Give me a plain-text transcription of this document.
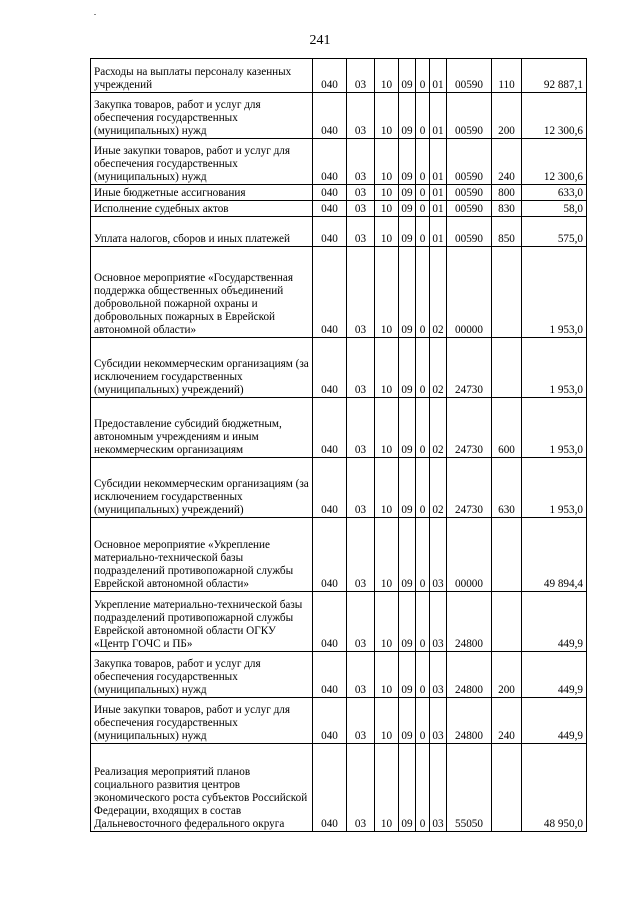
241
Расходы на выплаты персоналу казенных учреждений	040	03	10	09	0	01	00590	110	92 887,1
Закупка товаров, работ и услуг для обеспечения государственных (муниципальных) нужд	040	03	10	09	0	01	00590	200	12 300,6
Иные закупки товаров, работ и услуг для обеспечения государственных (муниципальных) нужд	040	03	10	09	0	01	00590	240	12 300,6
Иные бюджетные ассигнования	040	03	10	09	0	01	00590	800	633,0
Исполнение судебных актов	040	03	10	09	0	01	00590	830	58,0
Уплата налогов, сборов и иных платежей	040	03	10	09	0	01	00590	850	575,0
Основное мероприятие «Государственная поддержка общественных объединений добровольной пожарной охраны и добровольных пожарных в Еврейской автономной области»	040	03	10	09	0	02	00000		1 953,0
Субсидии некоммерческим организациям (за исключением государственных (муниципальных) учреждений)	040	03	10	09	0	02	24730		1 953,0
Предоставление субсидий бюджетным, автономным учреждениям и иным некоммерческим организациям	040	03	10	09	0	02	24730	600	1 953,0
Субсидии некоммерческим организациям (за исключением государственных (муниципальных) учреждений)	040	03	10	09	0	02	24730	630	1 953,0
Основное мероприятие «Укрепление материально-технической базы подразделений противопожарной службы Еврейской автономной области»	040	03	10	09	0	03	00000		49 894,4
Укрепление материально-технической базы подразделений противопожарной службы Еврейской автономной области ОГКУ «Центр ГОЧС и ПБ»	040	03	10	09	0	03	24800		449,9
Закупка товаров, работ и услуг для обеспечения государственных (муниципальных) нужд	040	03	10	09	0	03	24800	200	449,9
Иные закупки товаров, работ и услуг для обеспечения государственных (муниципальных) нужд	040	03	10	09	0	03	24800	240	449,9
Реализация мероприятий планов социального развития центров экономического роста субъектов Российской Федерации, входящих в состав Дальневосточного федерального округа	040	03	10	09	0	03	55050		48 950,0
